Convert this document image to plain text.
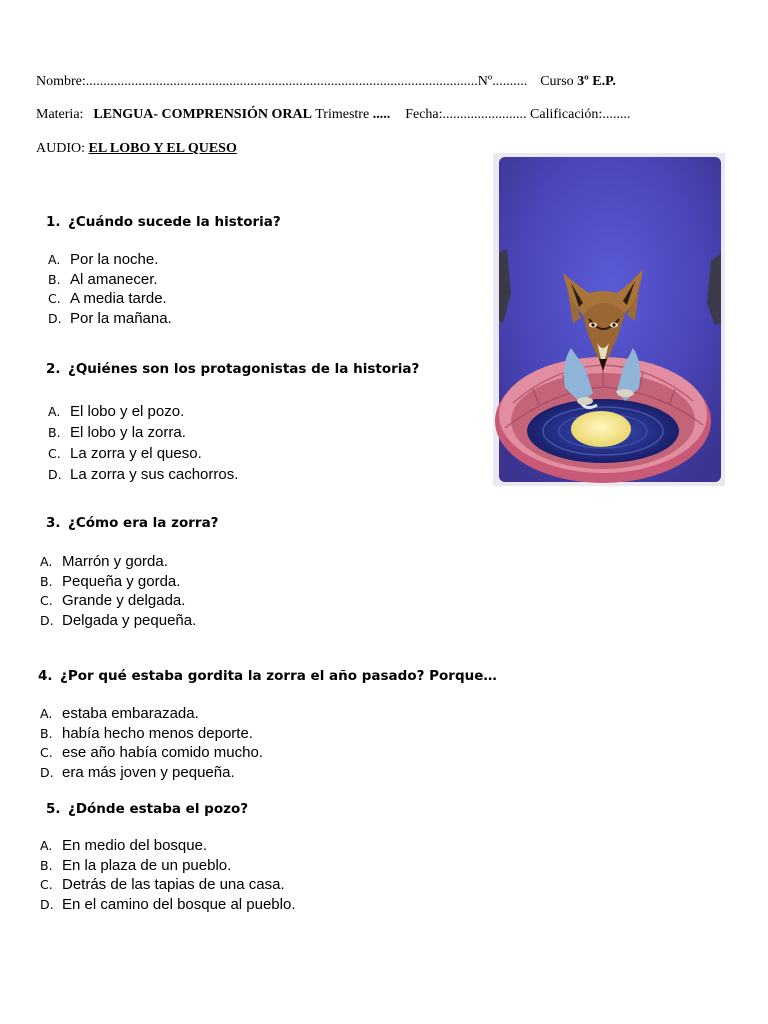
Nombre:................................................................................................................Nº.......... Curso 3º E.P.
Materia: LENGUA- COMPRENSIÓN ORAL Trimestre ..... Fecha:........................ Calificación:........
AUDIO: EL LOBO Y EL QUESO
1. ¿Cuándo sucede la historia?
A. Por la noche.
B. Al amanecer.
C. A media tarde.
D. Por la mañana.
2. ¿Quiénes son los protagonistas de la historia?
A. El lobo y el pozo.
B. El lobo y la zorra.
C. La zorra y el queso.
D. La zorra y sus cachorros.
3. ¿Cómo era la zorra?
A. Marrón y gorda.
B. Pequeña y gorda.
C. Grande y delgada.
D. Delgada y pequeña.
4. ¿Por qué estaba gordita la zorra el año pasado? Porque…
A. estaba embarazada.
B. había hecho menos deporte.
C. ese año había comido mucho.
D. era más joven y pequeña.
5. ¿Dónde estaba el pozo?
A. En medio del bosque.
B. En la plaza de un pueblo.
C. Detrás de las tapias de una casa.
D. En el camino del bosque al pueblo.
